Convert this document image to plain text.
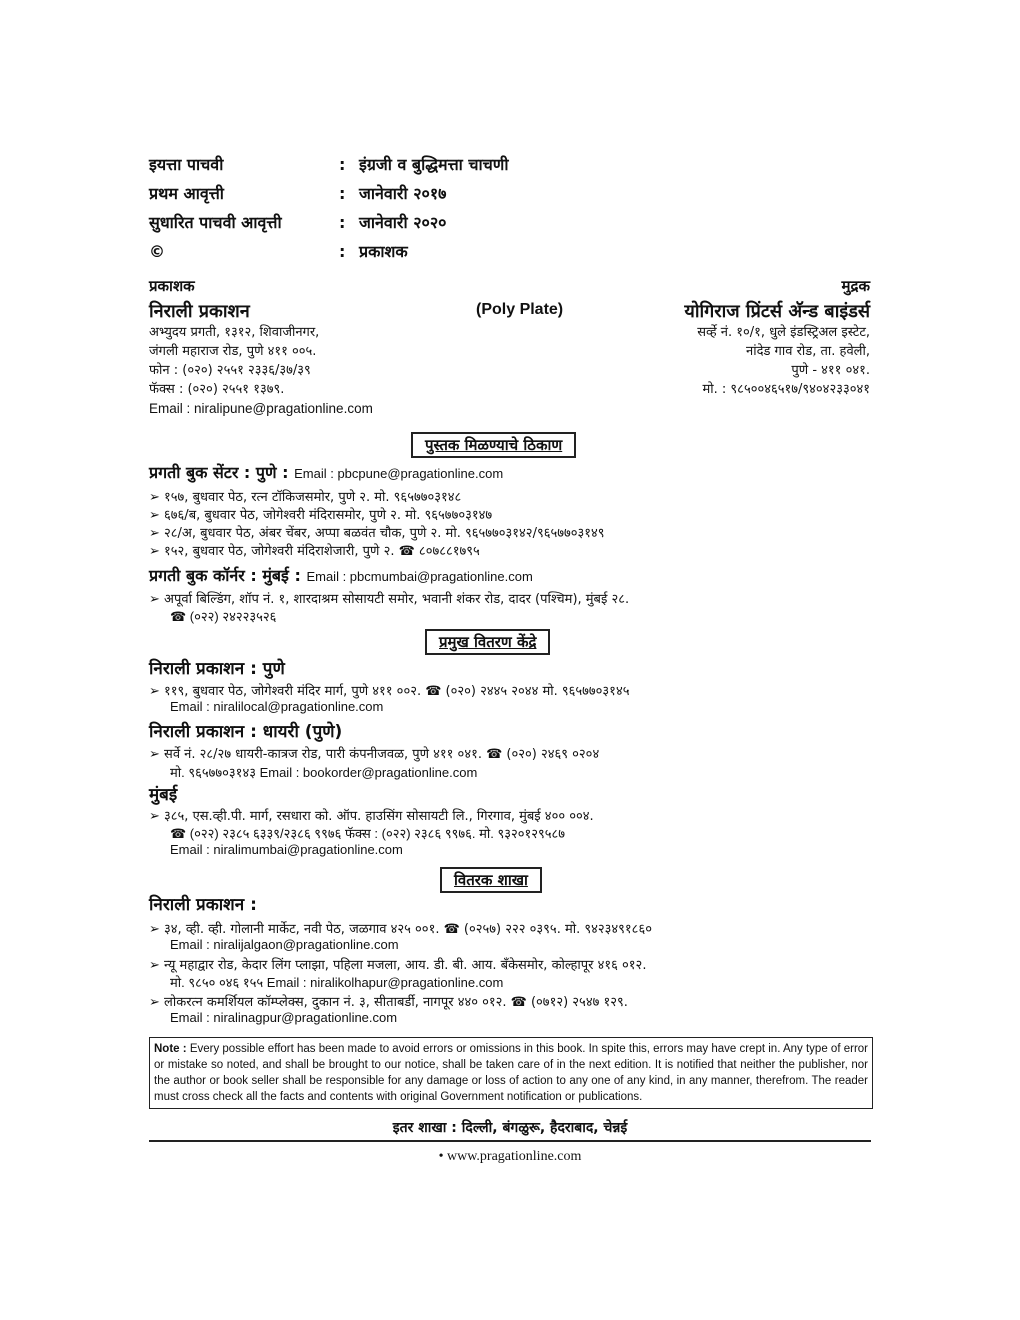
इयत्ता पाचवी	: इंग्रजी व बुद्धिमत्ता चाचणी
प्रथम आवृत्ती	: जानेवारी २०१७
सुधारित पाचवी आवृत्ती	: जानेवारी २०२०
©	: प्रकाशक
प्रकाशक
निराली प्रकाशन
अभ्युदय प्रगती, १३१२, शिवाजीनगर,
जंगली महाराज रोड, पुणे ४११ ००५.
फोन : (०२०) २५५१ २३३६/३७/३९
फॅक्स : (०२०) २५५१ १३७९.
Email : niralipune@pragationline.com
(Poly Plate)
मुद्रक
योगिराज प्रिंटर्स अ‍ॅन्ड बाइंडर्स
सर्व्हे नं. १०/१, धुले इंडस्ट्रिअल इस्टेट,
नांदेड गाव रोड, ता. हवेली,
पुणे - ४११ ०४१.
मो. : ९८५००४६५१७/९४०४२३३०४१
पुस्तक मिळण्याचे ठिकाण
प्रगती बुक सेंटर : पुणे : Email : pbcpune@pragationline.com
➢ १५७, बुधवार पेठ, रत्न टॉकिजसमोर, पुणे २. मो. ९६५७७०३१४८
➢ ६७६/ब, बुधवार पेठ, जोगेश्वरी मंदिरासमोर, पुणे २. मो. ९६५७७०३१४७
➢ २८/अ, बुधवार पेठ, अंबर चेंबर, अप्पा बळवंत चौक, पुणे २. मो. ९६५७७०३१४२/९६५७७०३१४९
➢ १५२, बुधवार पेठ, जोगेश्वरी मंदिराशेजारी, पुणे २. ☎ ८०७८८१७९५
प्रगती बुक कॉर्नर : मुंबई : Email : pbcmumbai@pragationline.com
➢ अपूर्वा बिल्डिंग, शॉप नं. १, शारदाश्रम सोसायटी समोर, भवानी शंकर रोड, दादर (पश्चिम), मुंबई २८.
☎ (०२२) २४२२३५२६
प्रमुख वितरण केंद्रे
निराली प्रकाशन : पुणे
➢ ११९, बुधवार पेठ, जोगेश्वरी मंदिर मार्ग, पुणे ४११ ००२. ☎ (०२०) २४४५ २०४४ मो. ९६५७७०३१४५
Email : niralilocal@pragationline.com
निराली प्रकाशन : धायरी (पुणे)
➢ सर्वे नं. २८/२७ धायरी-कात्रज रोड, पारी कंपनीजवळ, पुणे ४११ ०४१. ☎ (०२०) २४६९ ०२०४
मो. ९६५७७०३१४३ Email : bookorder@pragationline.com
मुंबई
➢ ३८५, एस.व्ही.पी. मार्ग, रसधारा को. ऑप. हाउसिंग सोसायटी लि., गिरगाव, मुंबई ४०० ००४.
☎ (०२२) २३८५ ६३३९/२३८६ ९९७६ फॅक्स : (०२२) २३८६ ९९७६. मो. ९३२०१२९५८७
Email : niralimumbai@pragationline.com
वितरक शाखा
निराली प्रकाशन :
➢ ३४, व्ही. व्ही. गोलानी मार्केट, नवी पेठ, जळगाव ४२५ ००१. ☎ (०२५७) २२२ ०३९५. मो. ९४२३४९१८६०
Email : niralijalgaon@pragationline.com
➢ न्यू महाद्वार रोड, केदार लिंग प्लाझा, पहिला मजला, आय. डी. बी. आय. बँकेसमोर, कोल्हापूर ४१६ ०१२.
मो. ९८५० ०४६ १५५ Email : niralikolhapur@pragationline.com
➢ लोकरत्न कमर्शियल कॉम्प्लेक्स, दुकान नं. ३, सीताबर्डी, नागपूर ४४० ०१२. ☎ (०७१२) २५४७ १२९.
Email : niralinagpur@pragationline.com
Note : Every possible effort has been made to avoid errors or omissions in this book. In spite this, errors may have crept in. Any type of error or mistake so noted, and shall be brought to our notice, shall be taken care of in the next edition. It is notified that neither the publisher, nor the author or book seller shall be responsible for any damage or loss of action to any one of any kind, in any manner, therefrom. The reader must cross check all the facts and contents with original Government notification or publications.
इतर शाखा : दिल्ली, बंगळुरू, हैदराबाद, चेन्नई
• www.pragationline.com
